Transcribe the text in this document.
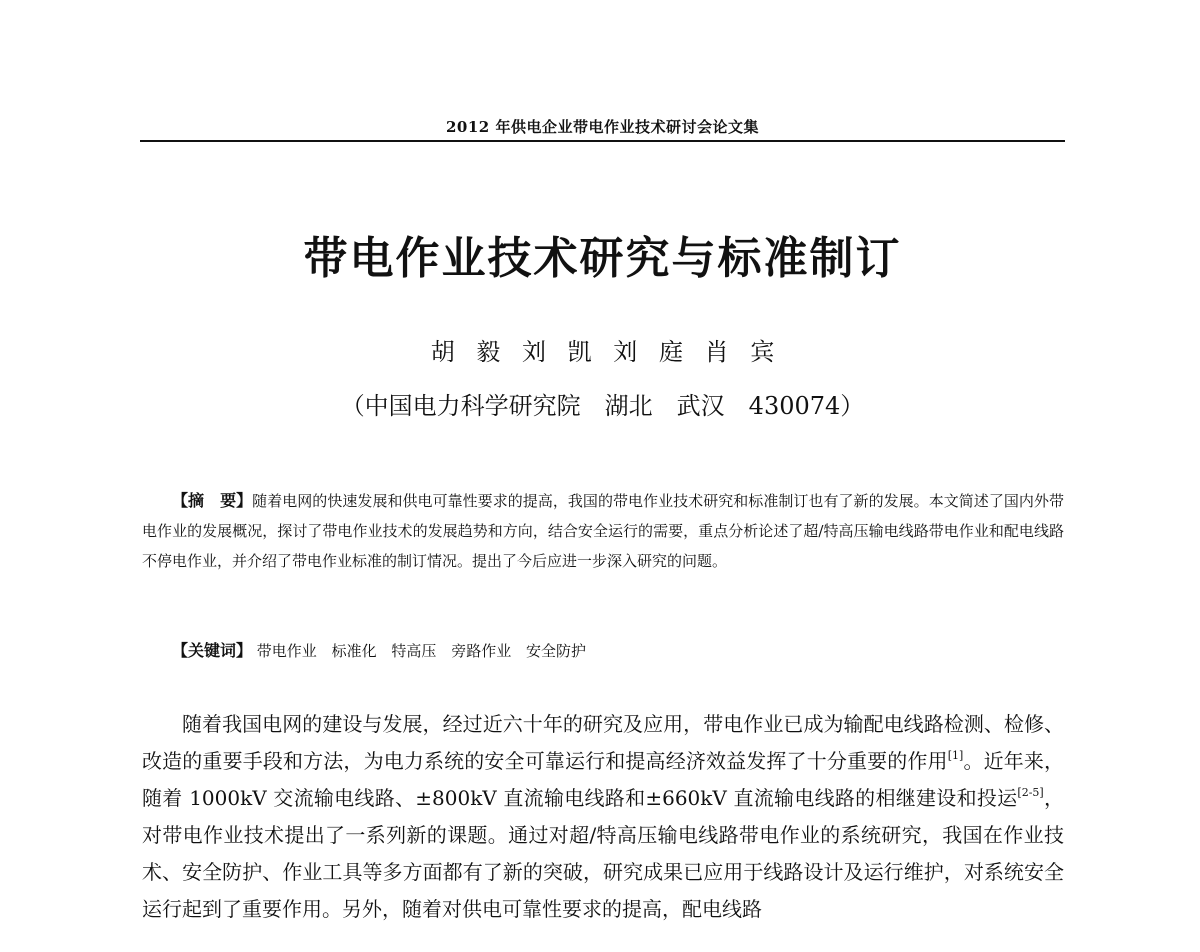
2012 年供电企业带电作业技术研讨会论文集
带电作业技术研究与标准制订
胡 毅 刘 凯 刘 庭 肖 宾
（中国电力科学研究院　湖北　武汉　430074）

【摘　要】随着电网的快速发展和供电可靠性要求的提高，我国的带电作业技术研究和标准制订也有了新的发展。本文简述了国内外带电作业的发展概况，探讨了带电作业技术的发展趋势和方向，结合安全运行的需要，重点分析论述了超/特高压输电线路带电作业和配电线路不停电作业，并介绍了带电作业标准的制订情况。提出了今后应进一步深入研究的问题。

【关键词】 带电作业 标准化 特高压 旁路作业 安全防护

随着我国电网的建设与发展，经过近六十年的研究及应用，带电作业已成为输配电线路检测、检修、改造的重要手段和方法，为电力系统的安全可靠运行和提高经济效益发挥了十分重要的作用[1]。近年来，随着 1000kV 交流输电线路、±800kV 直流输电线路和±660kV 直流输电线路的相继建设和投运[2-5]，对带电作业技术提出了一系列新的课题。通过对超/特高压输电线路带电作业的系统研究，我国在作业技术、安全防护、作业工具等多方面都有了新的突破，研究成果已应用于线路设计及运行维护，对系统安全运行起到了重要作用。另外，随着对供电可靠性要求的提高，配电线路
